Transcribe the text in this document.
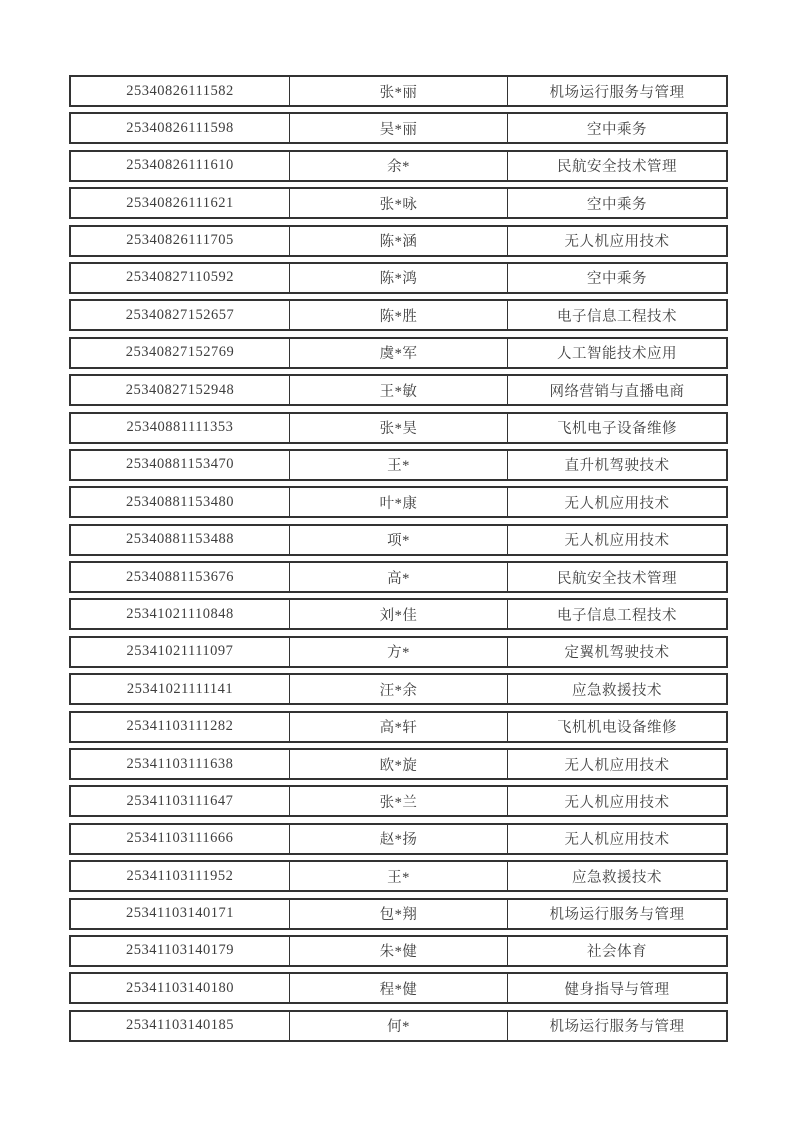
25340826111582	张*丽	机场运行服务与管理
25340826111598	吴*丽	空中乘务
25340826111610	余*	民航安全技术管理
25340826111621	张*咏	空中乘务
25340826111705	陈*涵	无人机应用技术
25340827110592	陈*鸿	空中乘务
25340827152657	陈*胜	电子信息工程技术
25340827152769	虞*军	人工智能技术应用
25340827152948	王*敏	网络营销与直播电商
25340881111353	张*昊	飞机电子设备维修
25340881153470	王*	直升机驾驶技术
25340881153480	叶*康	无人机应用技术
25340881153488	项*	无人机应用技术
25340881153676	高*	民航安全技术管理
25341021110848	刘*佳	电子信息工程技术
25341021111097	方*	定翼机驾驶技术
25341021111141	汪*余	应急救援技术
25341103111282	高*轩	飞机机电设备维修
25341103111638	欧*旋	无人机应用技术
25341103111647	张*兰	无人机应用技术
25341103111666	赵*扬	无人机应用技术
25341103111952	王*	应急救援技术
25341103140171	包*翔	机场运行服务与管理
25341103140179	朱*健	社会体育
25341103140180	程*健	健身指导与管理
25341103140185	何*	机场运行服务与管理
